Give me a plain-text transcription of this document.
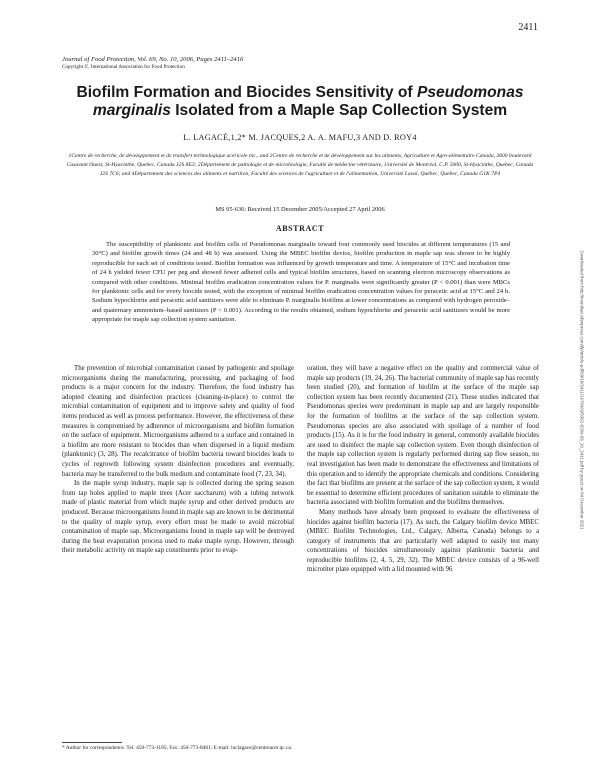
2411
Journal of Food Protection, Vol. 69, No. 10, 2006, Pages 2411–2416
Copyright ©, International Association for Food Protection
Biofilm Formation and Biocides Sensitivity of Pseudomonas marginalis Isolated from a Maple Sap Collection System
L. LAGACÉ,1,2* M. JACQUES,2 A. A. MAFU,3 AND D. ROY4
1Centre de recherche, de développement et de transfert technologique acéricole inc., and 2Centre de recherche et de développement sur les aliments, Agriculture et Agro-alimentaire Canada, 3600 boulevard Casavant Ouest, St-Hyacinthe, Quebec, Canada J2S 8E3; 2Département de pathologie et de microbiologie, Faculté de médecine vétérinaire, Université de Montréal, C.P. 5000, St-Hyacinthe, Quebec, Canada J2S 7C6; and 4Département des sciences des aliments et nutrition, Faculté des sciences de l'agriculture et de l'alimentation, Université Laval, Québec, Quebec, Canada G1K 7P4
MS 05-636: Received 15 December 2005/Accepted 27 April 2006
ABSTRACT
The susceptibility of planktonic and biofilm cells of Pseudomonas marginalis toward four commonly used biocides at different temperatures (15 and 30°C) and biofilm growth times (24 and 48 h) was assessed. Using the MBEC biofilm device, biofilm production in maple sap was shown to be highly reproducible for each set of conditions tested. Biofilm formation was influenced by growth temperature and time. A temperature of 15°C and incubation time of 24 h yielded fewer CFU per peg and showed fewer adhered cells and typical biofilm structures, based on scanning electron microscopy observations as compared with other conditions. Minimal biofilm eradication concentration values for P. marginalis were significantly greater (P < 0.001) than were MBCs for planktonic cells and for every biocide tested, with the exception of minimal biofilm eradication concentration values for peracetic acid at 15°C and 24 h. Sodium hypochlorite and peracetic acid sanitizers were able to eliminate P. marginalis biofilms at lower concentrations as compared with hydrogen peroxide– and quaternary ammonium–based sanitizers (P < 0.001). According to the results obtained, sodium hypochlorite and peracetic acid sanitizers would be more appropriate for maple sap collection system sanitation.

The prevention of microbial contamination caused by pathogenic and spoilage microorganisms during the manufacturing, processing, and packaging of food products is a major concern for the industry. Therefore, the food industry has adopted cleaning and disinfection practices (cleaning-in-place) to control the microbial contamination of equipment and to improve safety and quality of food items produced as well as process performance. However, the effectiveness of these measures is compromised by adherence of microorganisms and biofilm formation on the surface of equipment. Microorganisms adhered to a surface and contained in a biofilm are more resistant to biocides than when dispersed in a liquid medium (planktonic) (3, 28). The recalcitrance of biofilm bacteria toward biocides leads to cycles of regrowth following system disinfection procedures and eventually, bacteria may be transferred to the bulk medium and contaminate food (7, 23, 34).

In the maple syrup industry, maple sap is collected during the spring season from tap holes applied to maple trees (Acer saccharum) with a tubing network made of plastic material from which maple syrup and other derived products are produced. Because microorganisms found in maple sap are known to be detrimental to the quality of maple syrup, every effort must be made to avoid microbial contamination of maple sap. Microorganisms found in maple sap will be destroyed during the heat evaporation process used to make maple syrup. However, through their metabolic activity on maple sap constituents prior to evap-

oration, they will have a negative effect on the quality and commercial value of maple sap products (19, 24, 26). The bacterial community of maple sap has recently been studied (20), and formation of biofilm at the surface of the maple sap collection system has been recently documented (21). These studies indicated that Pseudomonas species were predominant in maple sap and are largely responsible for the formation of biofilms at the surface of the sap collection system. Pseudomonas species are also associated with spoilage of a number of food products (15). As it is for the food industry in general, commonly available biocides are used to disinfect the maple sap collection system. Even though disinfection of the maple sap collection system is regularly performed during sap flow season, no real investigation has been made to demonstrate the effectiveness and limitations of this operation and to identify the appropriate chemicals and conditions. Considering the fact that biofilms are present at the surface of the sap collection system, it would be essential to determine efficient procedures of sanitation suitable to eliminate the bacteria associated with biofilm formation and the biofilms themselves.

Many methods have already been proposed to evaluate the effectiveness of biocides against biofilm bacteria (17). As such, the Calgary biofilm device MBEC (MBEC Biofilm Technologies, Ltd., Calgary, Alberta, Canada) belongs to a category of instruments that are particularly well adapted to easily test many concentrations of biocides simultaneously against planktonic bacteria and reproducible biofilms (2, 4, 5, 29, 32). The MBEC device consists of a 96-well microtiter plate equipped with a lid mounted with 96

* Author for correspondence. Tel: 450-773-1105; Fax: 450-773-8461; E-mail: luclagace@centreacer.qc.ca.
Downloaded from http://meridian.allenpress.com/jfp/article-pdf/69/10/2411/1676663/0362-028x-69_10_2411.pdf by guest on 04 December 2021
